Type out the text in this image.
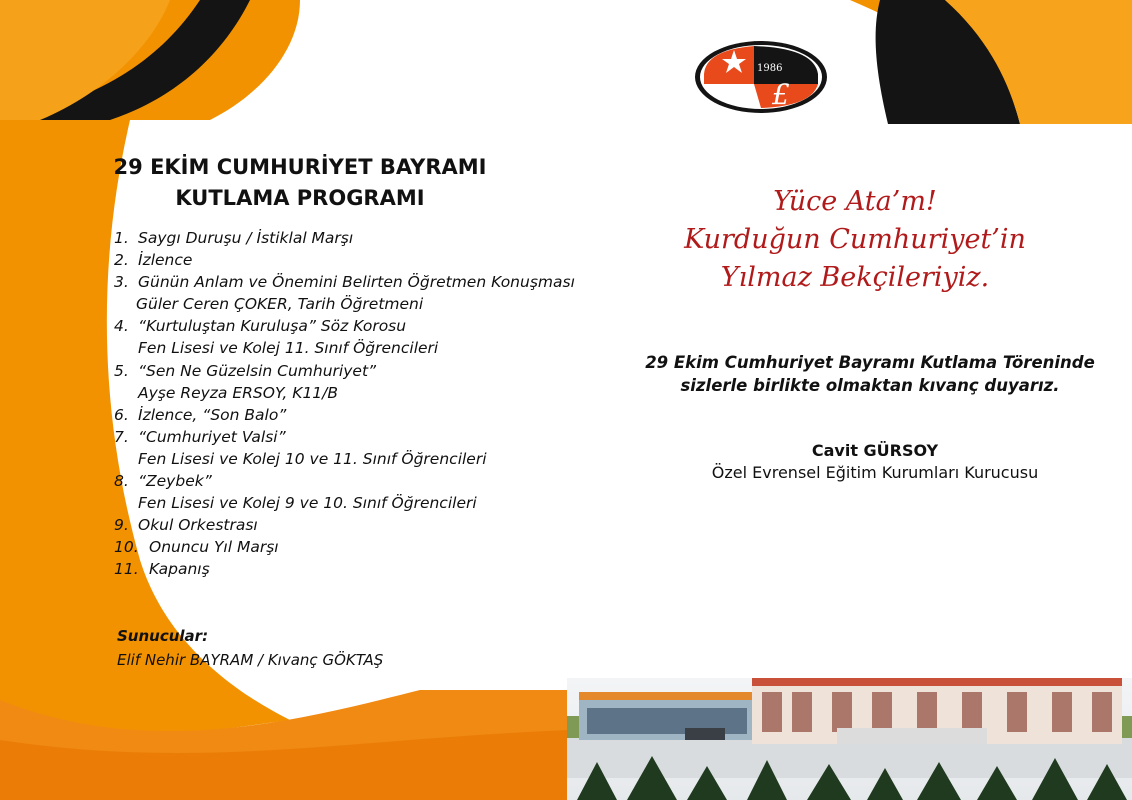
1986
£
29 EKİM CUMHURİYET BAYRAMI
KUTLAMA PROGRAMI
1. Saygı Duruşu / İstiklal Marşı
2. İzlence
3. Günün Anlam ve Önemini Belirten Öğretmen Konuşması
Güler Ceren ÇOKER, Tarih Öğretmeni
4. “Kurtuluştan Kuruluşa” Söz Korosu
Fen Lisesi ve Kolej 11. Sınıf Öğrencileri
5. “Sen Ne Güzelsin Cumhuriyet”
Ayşe Reyza ERSOY, K11/B
6. İzlence, “Son Balo”
7. “Cumhuriyet Valsi”
Fen Lisesi ve Kolej 10 ve 11. Sınıf Öğrencileri
8. “Zeybek”
Fen Lisesi ve Kolej 9 ve 10. Sınıf Öğrencileri
9. Okul Orkestrası
10. Onuncu Yıl Marşı
11. Kapanış
Sunucular:
Elif Nehir BAYRAM / Kıvanç GÖKTAŞ
Yüce Ata’m!
Kurduğun Cumhuriyet’in
Yılmaz Bekçileriyiz.
29 Ekim Cumhuriyet Bayramı Kutlama Töreninde
sizlerle birlikte olmaktan kıvanç duyarız.
Cavit GÜRSOY
Özel Evrensel Eğitim Kurumları Kurucusu
